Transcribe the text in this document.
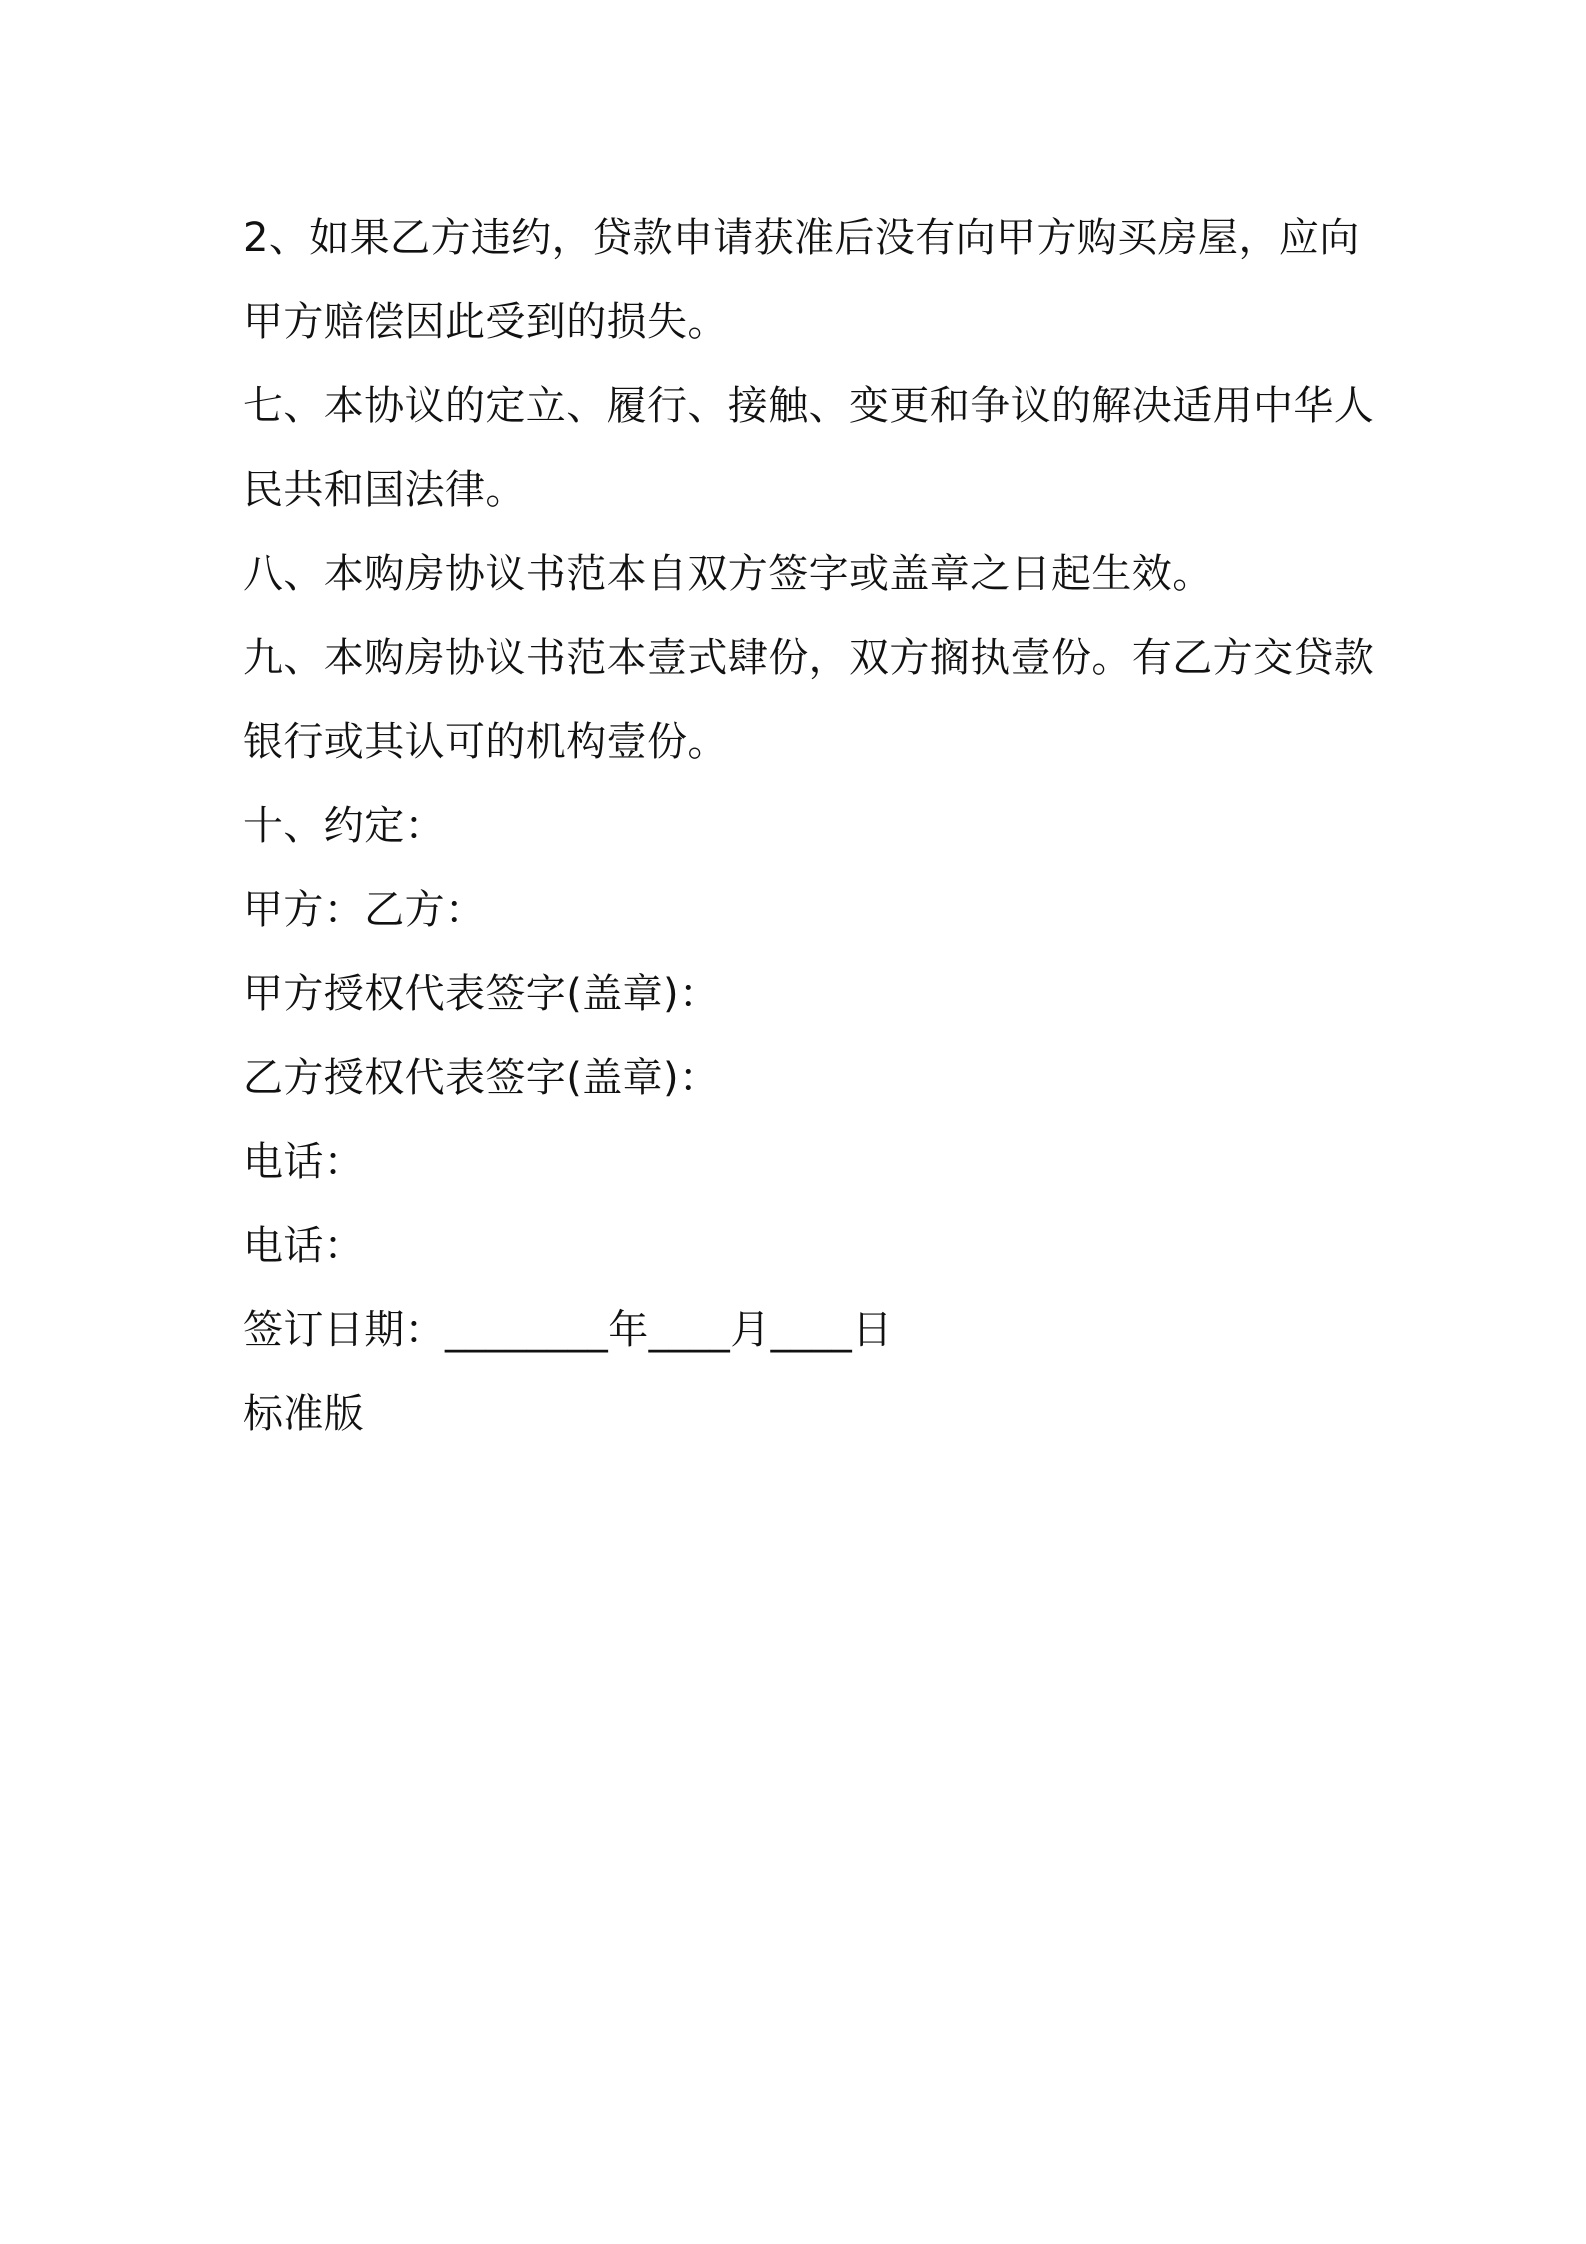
2、如果乙方违约，贷款申请获准后没有向甲方购买房屋，应向

甲方赔偿因此受到的损失。

七、本协议的定立、履行、接触、变更和争议的解决适用中华人

民共和国法律。

八、本购房协议书范本自双方签字或盖章之日起生效。

九、本购房协议书范本壹式肆份，双方搁执壹份。有乙方交贷款

银行或其认可的机构壹份。

十、约定：

甲方：乙方：

甲方授权代表签字(盖章)：

乙方授权代表签字(盖章)：

电话：

电话：

签订日期：________年____月____日

标准版
